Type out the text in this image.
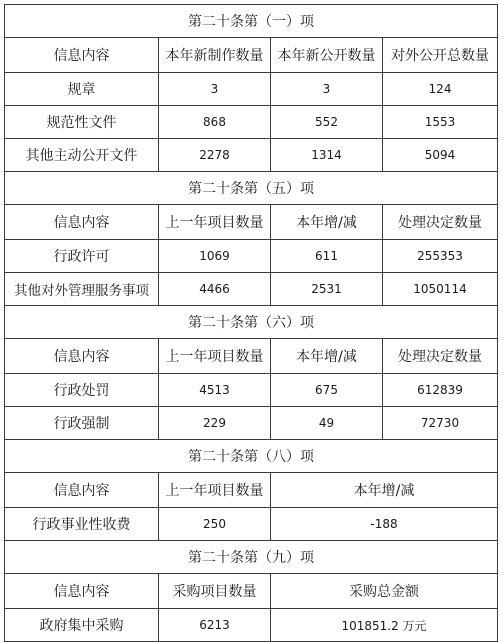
第二十条第（一）项			
信息内容	本年新制作数量	本年新公开数量	对外公开总数量
规章	3	3	124
规范性文件	868	552	1553
其他主动公开文件	2278	1314	5094
第二十条第（五）项			
信息内容	上一年项目数量	本年增/减	处理决定数量
行政许可	1069	611	255353
其他对外管理服务事项	4466	2531	1050114
第二十条第（六）项			
信息内容	上一年项目数量	本年增/减	处理决定数量
行政处罚	4513	675	612839
行政强制	229	49	72730
第二十条第（八）项			
信息内容	上一年项目数量	本年增/减	
行政事业性收费	250	-188	
第二十条第（九）项			
信息内容	采购项目数量	采购总金额	
政府集中采购	6213	101851.2 万元	
